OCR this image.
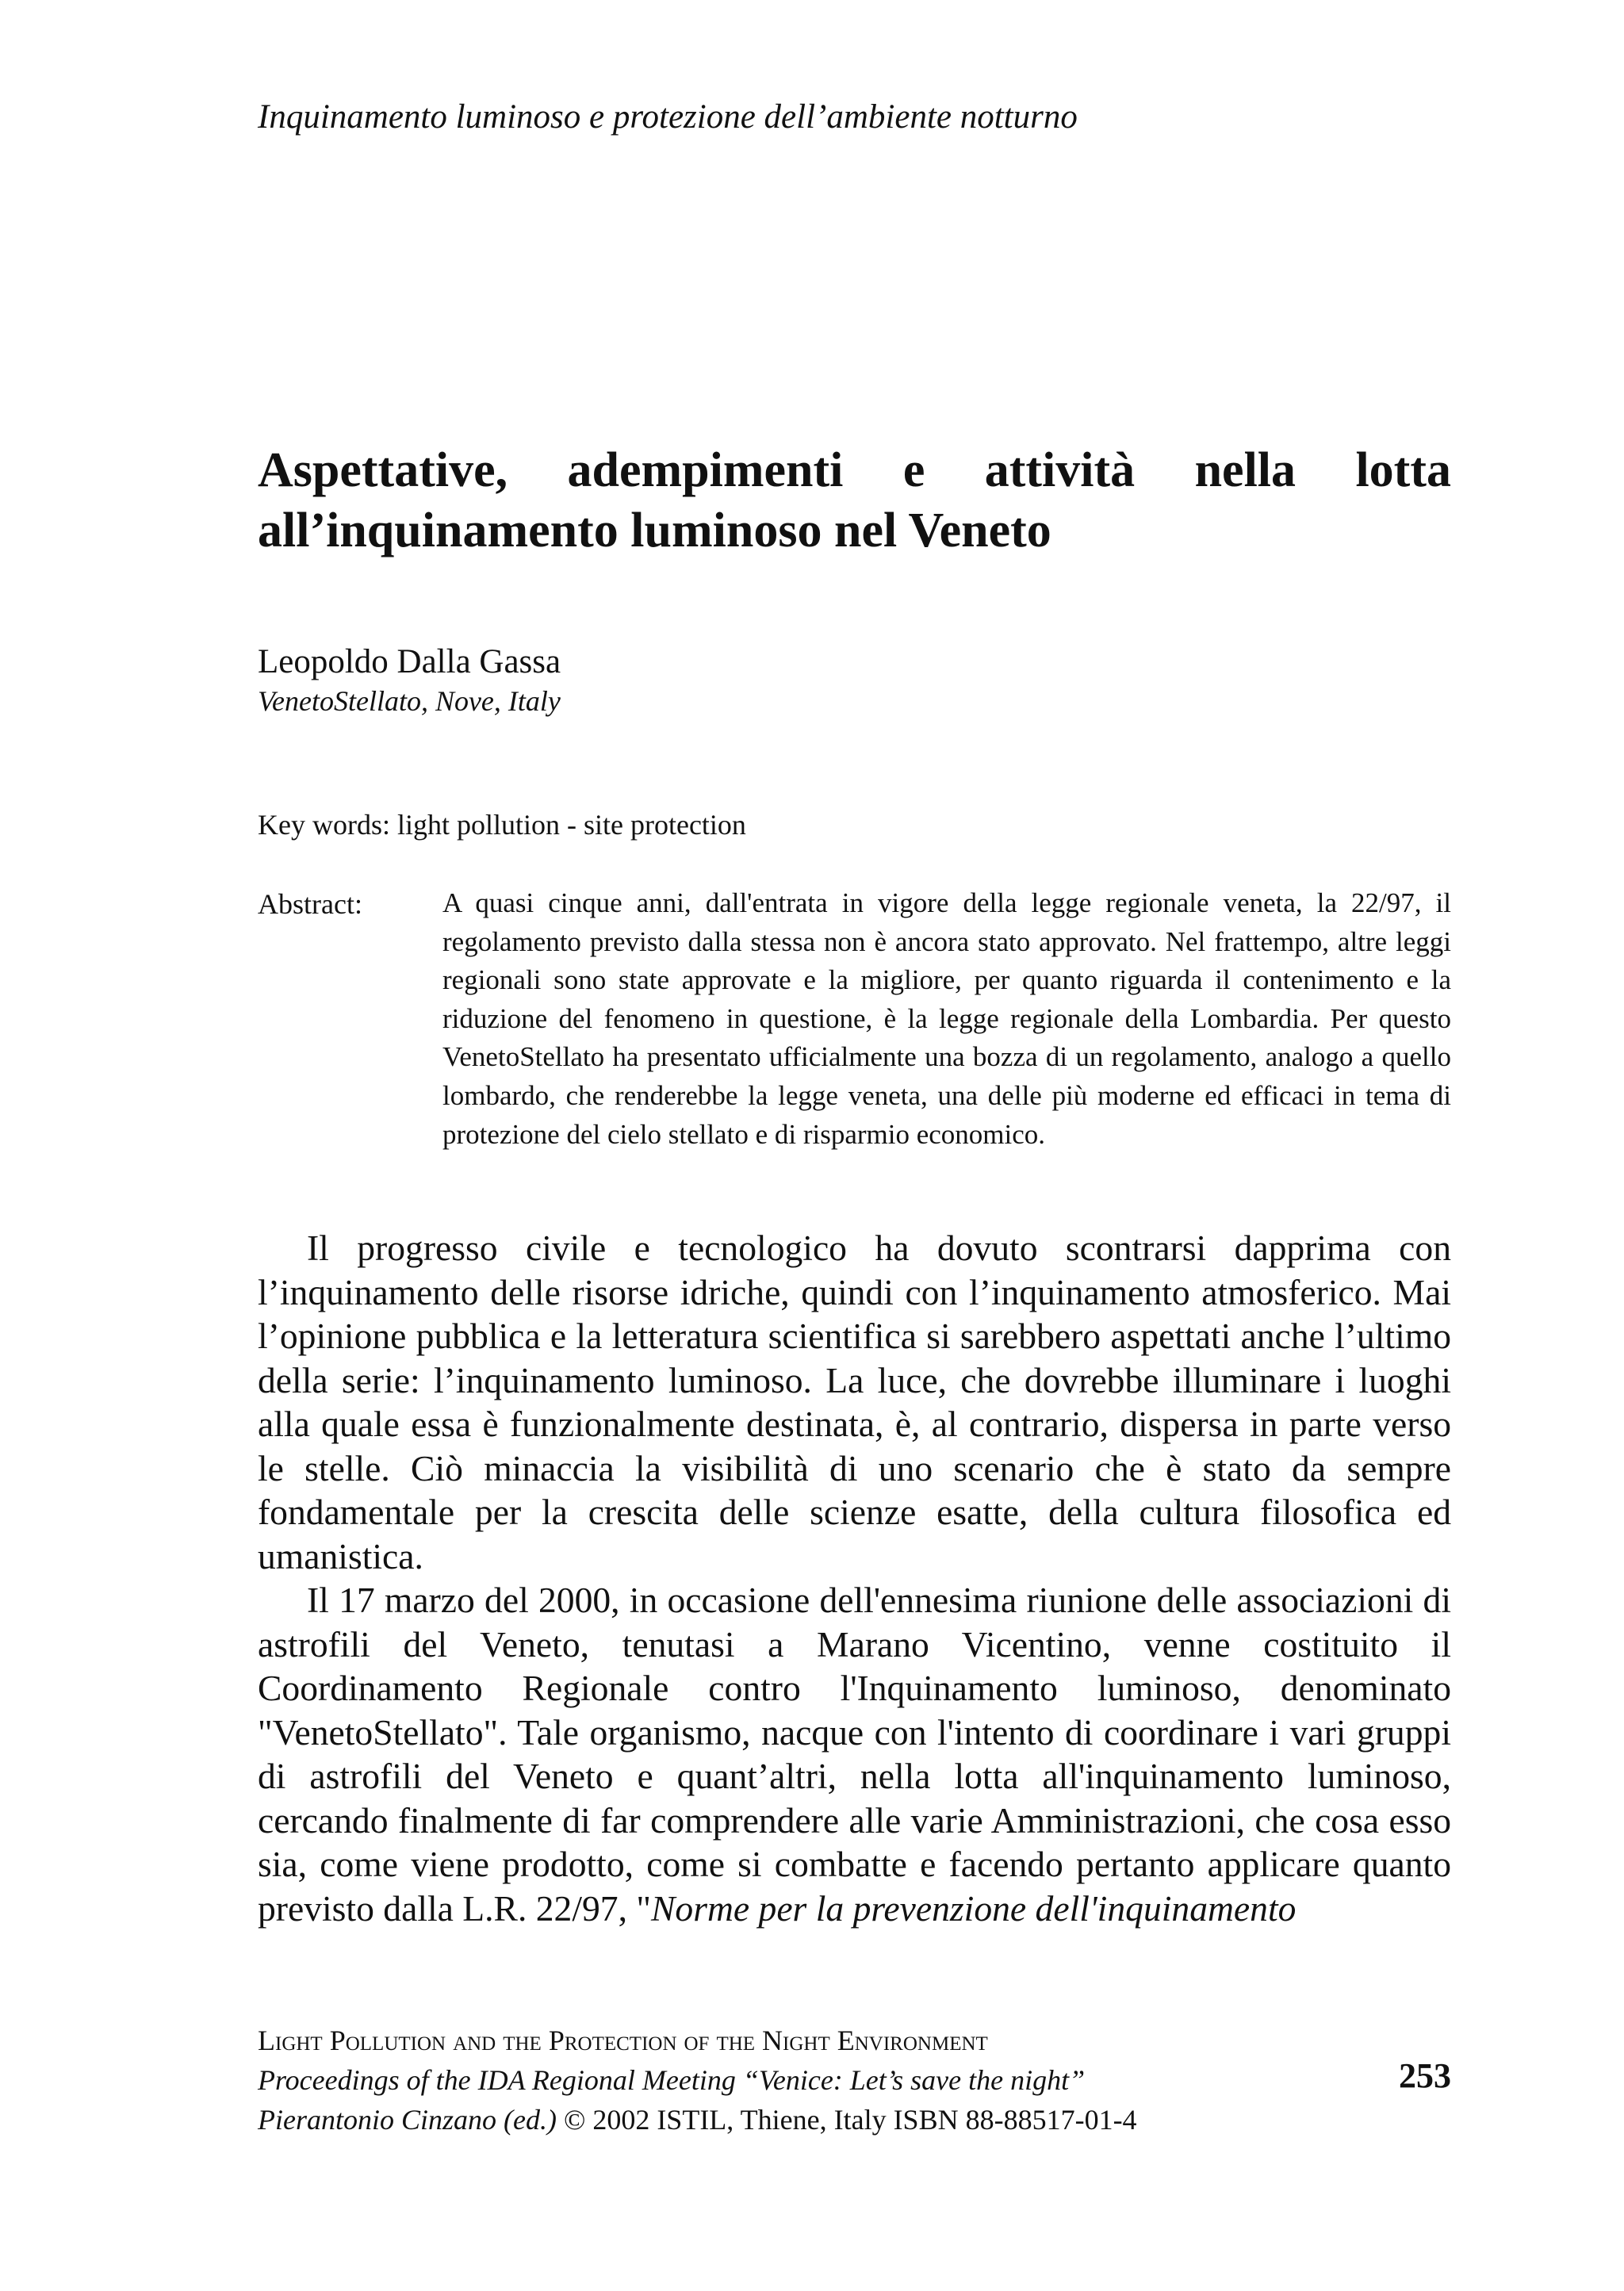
Inquinamento luminoso e protezione dell’ambiente notturno
Aspettative, adempimenti e attività nella lotta
all’inquinamento luminoso nel Veneto
Leopoldo Dalla Gassa
VenetoStellato, Nove, Italy
Key words: light pollution - site protection
Abstract:	A quasi cinque anni, dall'entrata in vigore della legge regionale veneta, la 22/97, il regolamento previsto dalla stessa non è ancora stato approvato. Nel frattempo, altre leggi regionali sono state approvate e la migliore, per quanto riguarda il contenimento e la riduzione del fenomeno in questione, è la legge regionale della Lombardia. Per questo VenetoStellato ha presentato ufficialmente una bozza di un regolamento, analogo a quello lombardo, che renderebbe la legge veneta, una delle più moderne ed efficaci in tema di protezione del cielo stellato e di risparmio economico.

Il progresso civile e tecnologico ha dovuto scontrarsi dapprima con l’inquinamento delle risorse idriche, quindi con l’inquinamento atmosferico. Mai l’opinione pubblica e la letteratura scientifica si sarebbero aspettati anche l’ultimo della serie: l’inquinamento luminoso. La luce, che dovrebbe illuminare i luoghi alla quale essa è funzionalmente destinata, è, al contrario, dispersa in parte verso le stelle. Ciò minaccia la visibilità di uno scenario che è stato da sempre fondamentale per la crescita delle scienze esatte, della cultura filosofica ed umanistica.

Il 17 marzo del 2000, in occasione dell'ennesima riunione delle associazioni di astrofili del Veneto, tenutasi a Marano Vicentino, venne costituito il Coordinamento Regionale contro l'Inquinamento luminoso, denominato "VenetoStellato". Tale organismo, nacque con l'intento di coordinare i vari gruppi di astrofili del Veneto e quant’altri, nella lotta all'inquinamento luminoso, cercando finalmente di far comprendere alle varie Amministrazioni, che cosa esso sia, come viene prodotto, come si combatte e facendo pertanto applicare quanto previsto dalla L.R. 22/97, "Norme per la prevenzione dell'inquinamento

Light Pollution and the Protection of the Night Environment
Proceedings of the IDA Regional Meeting “Venice: Let’s save the night”
Pierantonio Cinzano (ed.) © 2002 ISTIL, Thiene, Italy ISBN 88-88517-01-4
253
